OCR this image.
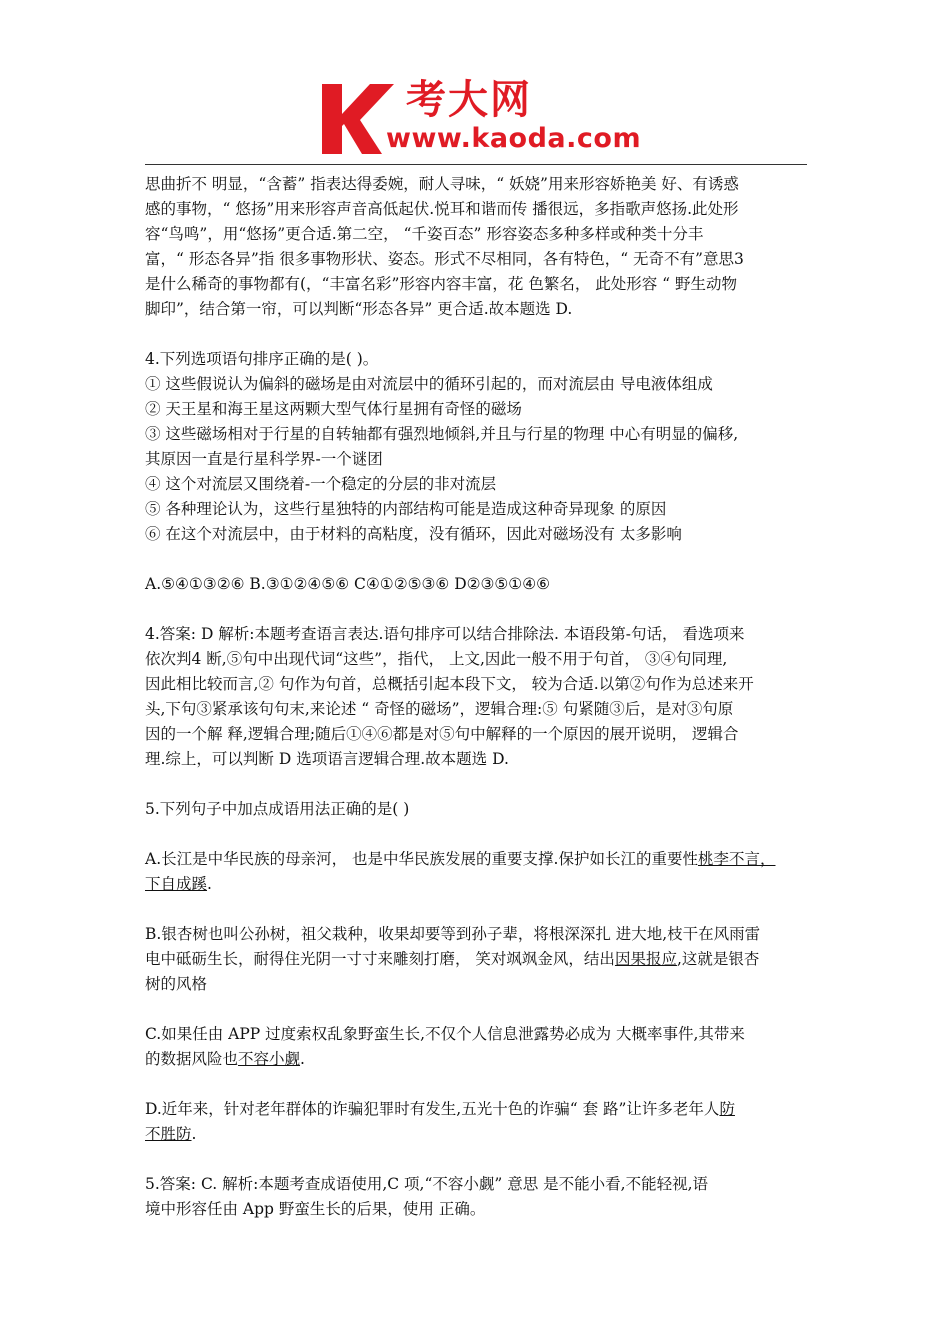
考大网
www.kaoda.com

思曲折不 明显，“含蓄” 指表达得委婉，耐人寻味，“ 妖娆”用来形容娇艳美 好、有诱惑
感的事物，“ 悠扬”用来形容声音高低起伏.悦耳和谐而传 播很远，多指歌声悠扬.此处形
容“鸟鸣”，用“悠扬”更合适.第二空， “千姿百态” 形容姿态多种多样或种类十分丰
富，“ 形态各异”指 很多事物形状、姿态。形式不尽相同，各有特色，“ 无奇不有”意思3
是什么稀奇的事物都有(，“丰富名彩”形容内容丰富，花 色繁名， 此处形容 “ 野生动物
脚印”，结合第一帘，可以判断“形态各异” 更合适.故本题选 D.

4.下列选项语句排序正确的是( )。
① 这些假说认为偏斜的磁场是由对流层中的循环引起的，而对流层由 导电液体组成
② 天王星和海王星这两颗大型气体行星拥有奇怪的磁场
③ 这些磁场相对于行星的自转轴都有强烈地倾斜,并且与行星的物理 中心有明显的偏移,
其原因一直是行星科学界-一个谜团
④ 这个对流层又围绕着-一个稳定的分层的非对流层
⑤ 各种理论认为，这些行星独特的内部结构可能是造成这种奇异现象 的原因
⑥ 在这个对流层中，由于材料的高粘度，没有循环，因此对磁场没有 太多影响

A.⑤④①③②⑥ B.③①②④⑤⑥ C④①②⑤③⑥ D②③⑤①④⑥

4.答案: D 解析:本题考查语言表达.语句排序可以结合排除法. 本语段第-句话， 看选项来
依次判4 断,⑤句中出现代词“这些”，指代， 上文,因此一般不用于句首， ③④句同理,
因此相比较而言,② 句作为句首，总概括引起本段下文， 较为合适.以第②句作为总述来开
头,下句③紧承该句句末,来论述 “ 奇怪的磁场”，逻辑合理:⑤ 句紧随③后，是对③句原
因的一个解 释,逻辑合理;随后①④⑥都是对⑤句中解释的一个原因的展开说明， 逻辑合
理.综上，可以判断 D 选项语言逻辑合理.故本题选 D.

5.下列句子中加点成语用法正确的是( )

A.长江是中华民族的母亲河， 也是中华民族发展的重要支撑.保护如长江的重要性桃李不言，
下自成蹊.

B.银杏树也叫公孙树，祖父栽种，收果却要等到孙子辈，将根深深扎 进大地,枝干在风雨雷
电中砥砺生长，耐得住光阴一寸寸来雕刻打磨， 笑对飒飒金风，结出因果报应,这就是银杏
树的风格

C.如果任由 APP 过度索权乱象野蛮生长,不仅个人信息泄露势必成为 大概率事件,其带来
的数据风险也不容小觑.

D.近年来，针对老年群体的诈骗犯罪时有发生,五光十色的诈骗“ 套 路”让许多老年人防
不胜防.

5.答案: C. 解析:本题考查成语使用,C 项,“不容小觑” 意思 是不能小看,不能轻视,语
境中形容任由 App 野蛮生长的后果，使用 正确。
